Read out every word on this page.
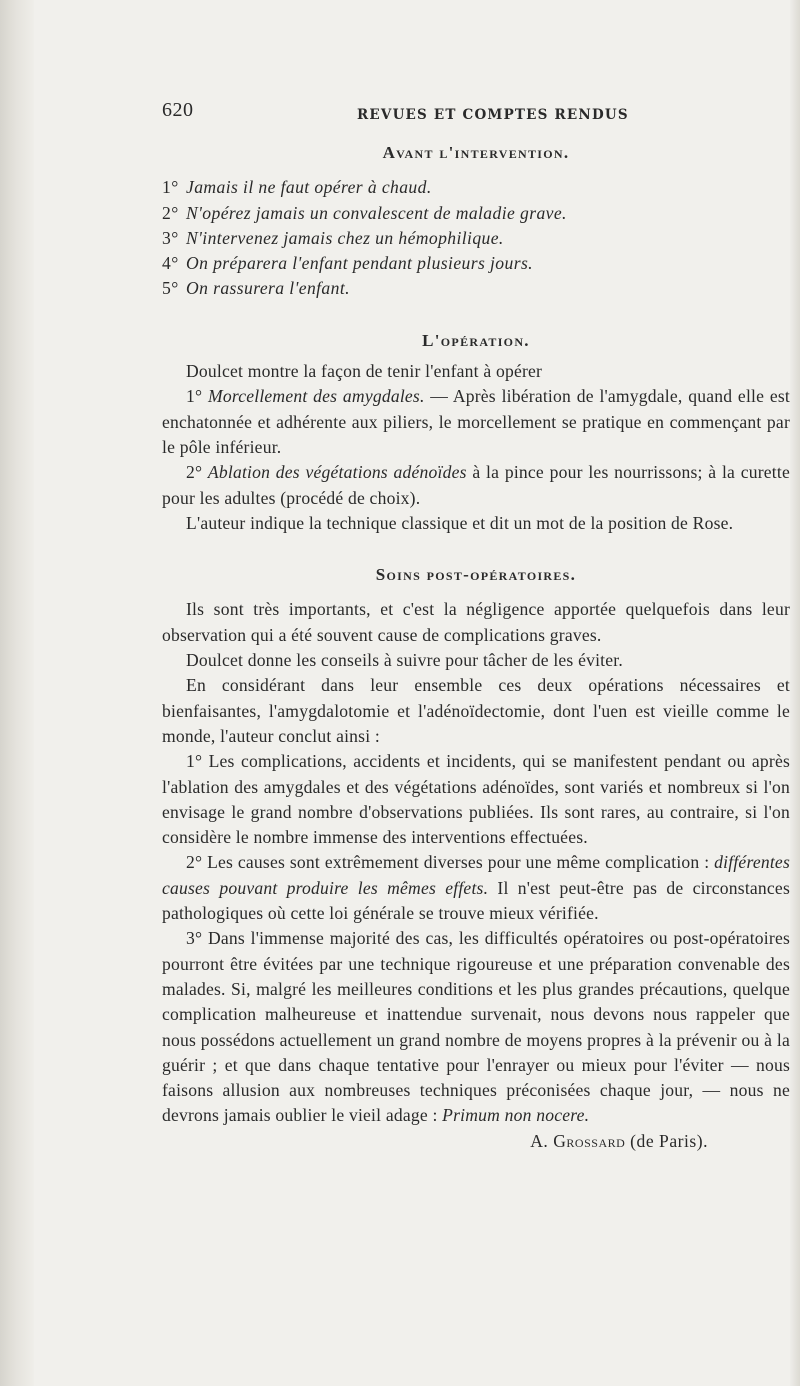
620	REVUES ET COMPTES RENDUS
Avant l'intervention.
1° Jamais il ne faut opérer à chaud.
2° N'opérez jamais un convalescent de maladie grave.
3° N'intervenez jamais chez un hémophilique.
4° On préparera l'enfant pendant plusieurs jours.
5° On rassurera l'enfant.
L'opération.

Doulcet montre la façon de tenir l'enfant à opérer

1° Morcellement des amygdales. — Après libération de l'amygdale, quand elle est enchatonnée et adhérente aux piliers, le morcellement se pratique en commençant par le pôle inférieur.

2° Ablation des végétations adénoïdes à la pince pour les nourrissons; à la curette pour les adultes (procédé de choix).

L'auteur indique la technique classique et dit un mot de la position de Rose.

Soins post-opératoires.

Ils sont très importants, et c'est la négligence apportée quelquefois dans leur observation qui a été souvent cause de complications graves.

Doulcet donne les conseils à suivre pour tâcher de les éviter.

En considérant dans leur ensemble ces deux opérations nécessaires et bienfaisantes, l'amygdalotomie et l'adénoïdectomie, dont l'uen est vieille comme le monde, l'auteur conclut ainsi :

1° Les complications, accidents et incidents, qui se manifestent pendant ou après l'ablation des amygdales et des végétations adénoïdes, sont variés et nombreux si l'on envisage le grand nombre d'observations publiées. Ils sont rares, au contraire, si l'on considère le nombre immense des interventions effectuées.

2° Les causes sont extrêmement diverses pour une même complication : différentes causes pouvant produire les mêmes effets. Il n'est peut-être pas de circonstances pathologiques où cette loi générale se trouve mieux vérifiée.

3° Dans l'immense majorité des cas, les difficultés opératoires ou post-opératoires pourront être évitées par une technique rigoureuse et une préparation convenable des malades. Si, malgré les meilleures conditions et les plus grandes précautions, quelque complication malheureuse et inattendue survenait, nous devons nous rappeler que nous possédons actuellement un grand nombre de moyens propres à la prévenir ou à la guérir ; et que dans chaque tentative pour l'enrayer ou mieux pour l'éviter — nous faisons allusion aux nombreuses techniques préconisées chaque jour, — nous ne devrons jamais oublier le vieil adage : Primum non nocere.

A. Grossard (de Paris).
